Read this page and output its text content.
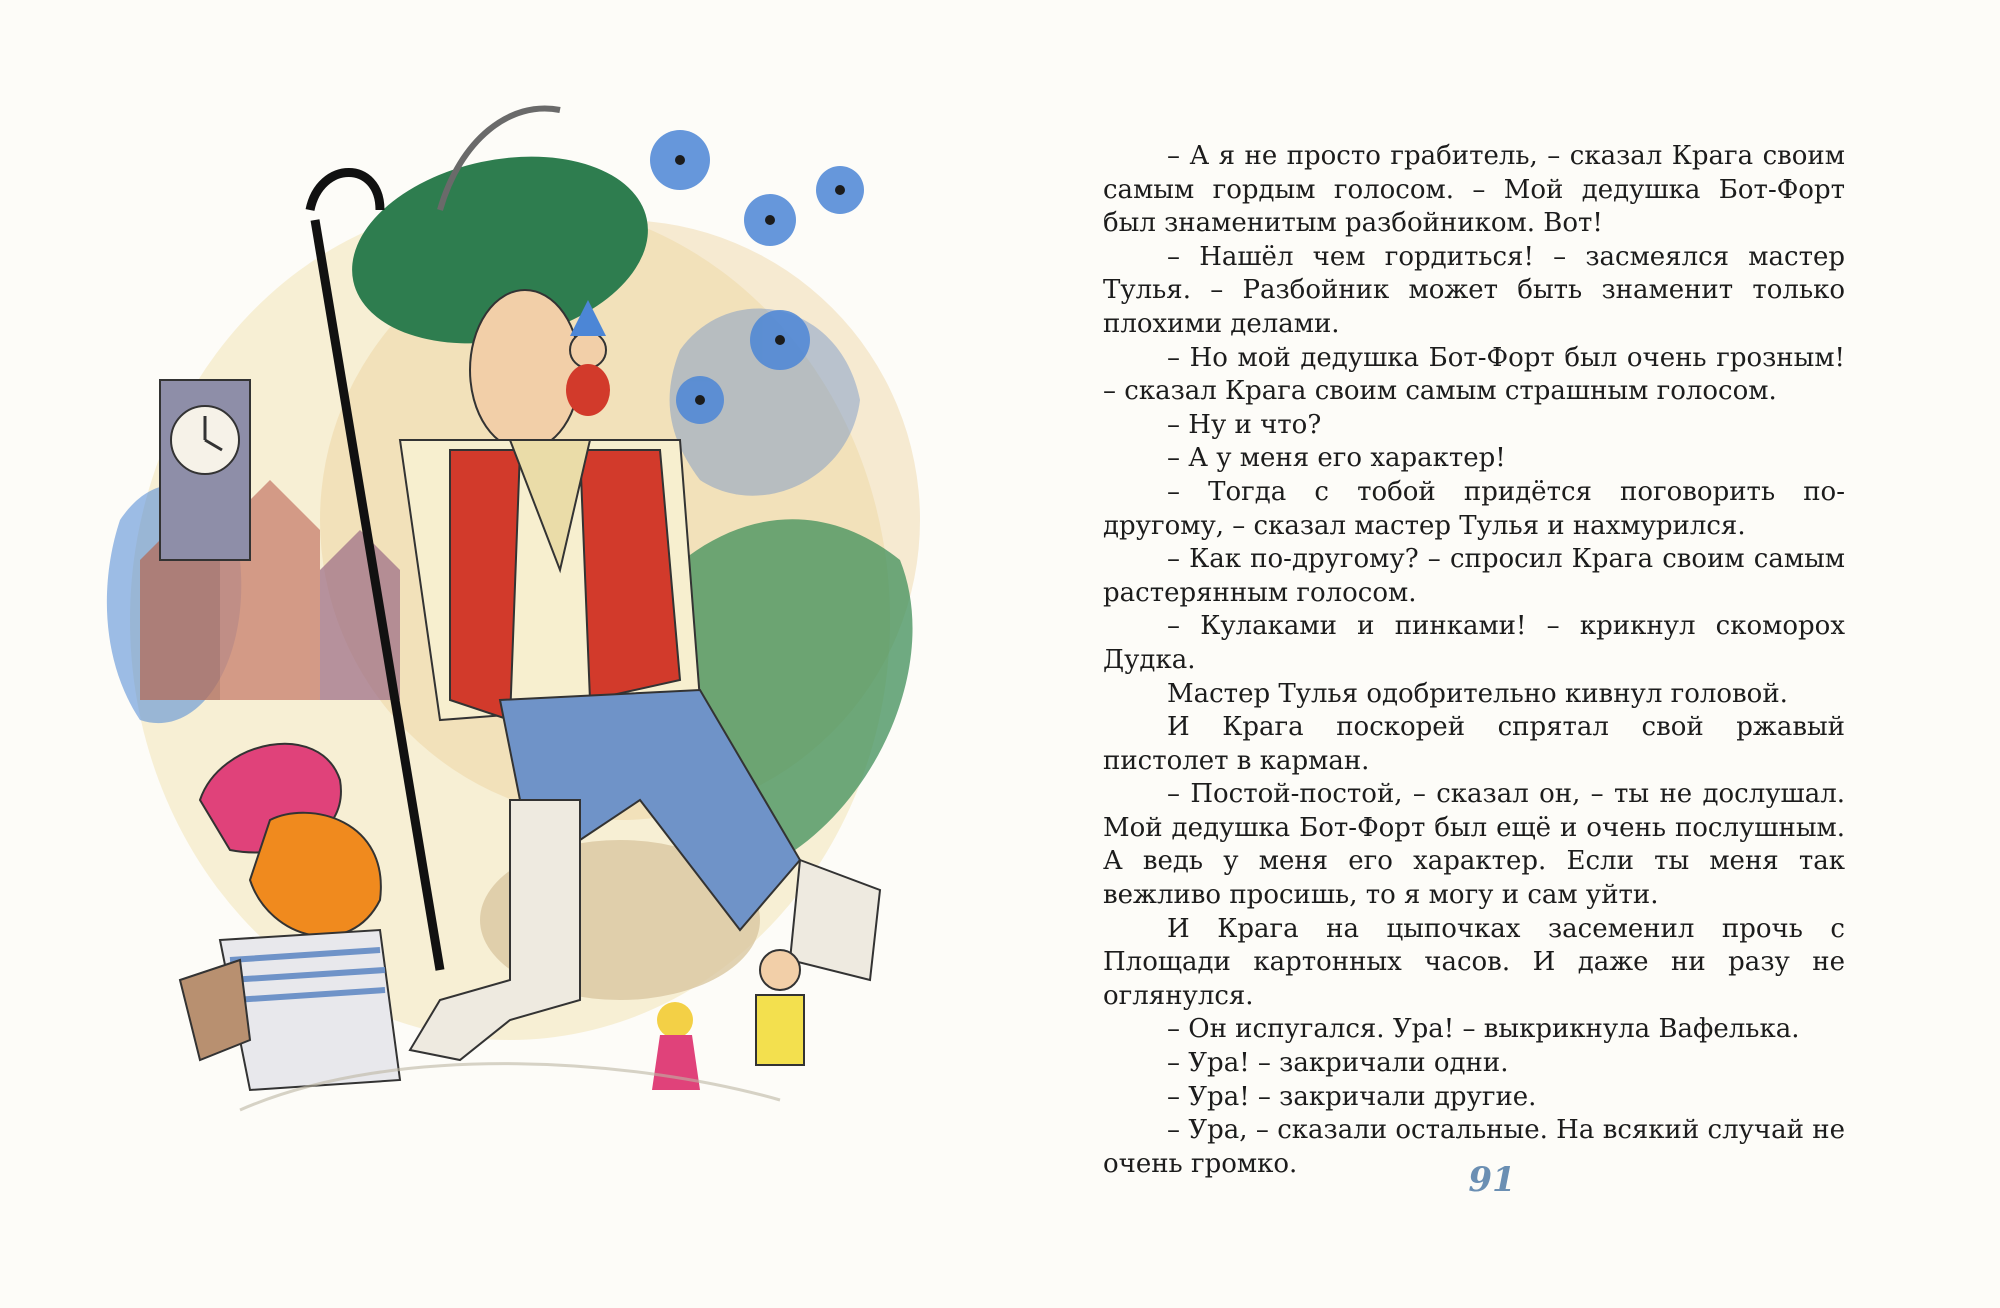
– А я не просто грабитель, – сказал Крага своим самым гордым голосом. – Мой дедушка Бот-Форт был знаменитым разбойником. Вот!

– Нашёл чем гордиться! – засмеялся мастер Тулья. – Разбойник может быть знаменит только плохими делами.

– Но мой дедушка Бот-Форт был очень грозным! – сказал Крага своим самым страшным голосом.

– Ну и что?

– А у меня его характер!

– Тогда с тобой придётся поговорить по-другому, – сказал мастер Тулья и нахмурился.

– Как по-другому? – спросил Крага своим самым растерянным голосом.

– Кулаками и пинками! – крикнул скоморох Дудка.

Мастер Тулья одобрительно кивнул головой.

И Крага поскорей спрятал свой ржавый пистолет в карман.

– Постой-постой, – сказал он, – ты не дослушал. Мой дедушка Бот-Форт был ещё и очень послушным. А ведь у меня его характер. Если ты меня так вежливо просишь, то я могу и сам уйти.

И Крага на цыпочках засеменил прочь с Площади картонных часов. И даже ни разу не оглянулся.

– Он испугался. Ура! – выкрикнула Вафелька.

– Ура! – закричали одни.

– Ура! – закричали другие.

– Ура, – сказали остальные. На всякий случай не очень громко.	91
